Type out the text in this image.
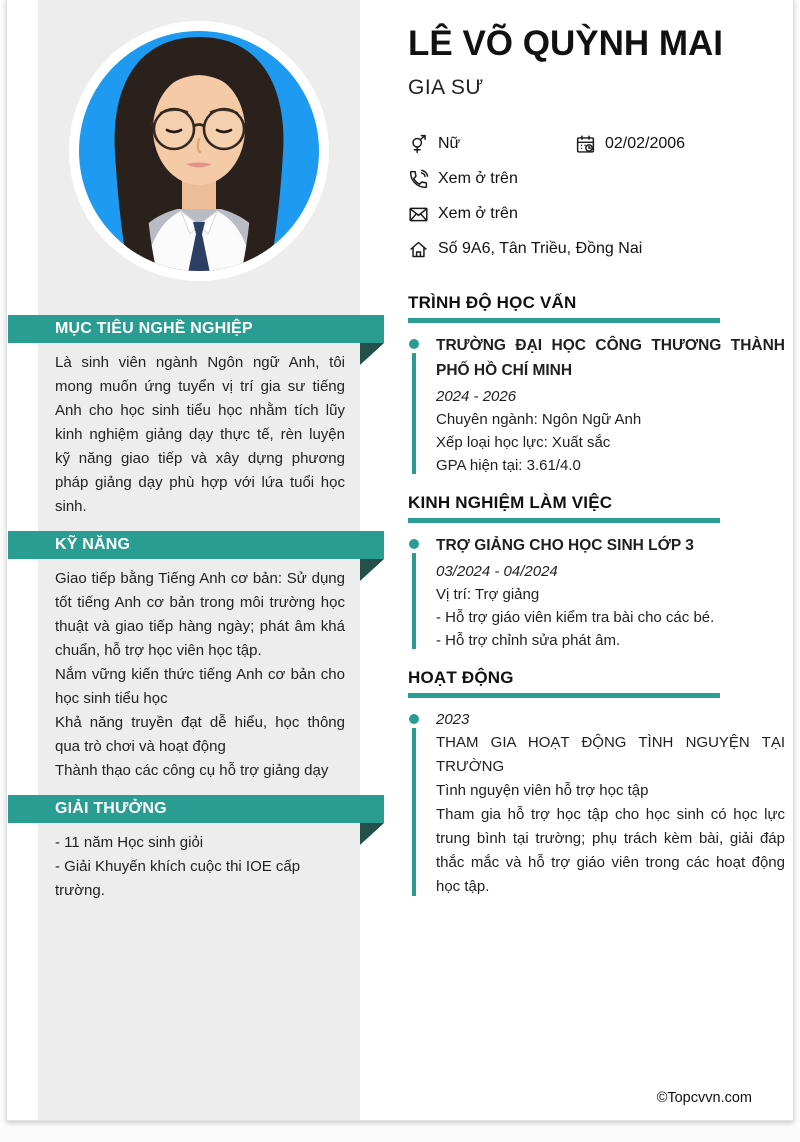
MỤC TIÊU NGHỀ NGHIỆP

Là sinh viên ngành Ngôn ngữ Anh, tôi mong muốn ứng tuyển vị trí gia sư tiếng Anh cho học sinh tiểu học nhằm tích lũy kinh nghiệm giảng dạy thực tế, rèn luyện kỹ năng giao tiếp và xây dựng phương pháp giảng dạy phù hợp với lứa tuổi học sinh.

KỸ NĂNG

Giao tiếp bằng Tiếng Anh cơ bản: Sử dụng tốt tiếng Anh cơ bản trong môi trường học thuật và giao tiếp hàng ngày; phát âm khá chuẩn, hỗ trợ học viên học tập.

Nắm vững kiến thức tiếng Anh cơ bản cho học sinh tiểu học

Khả năng truyền đạt dễ hiểu, học thông qua trò chơi và hoạt động

Thành thạo các công cụ hỗ trợ giảng dạy

GIẢI THƯỞNG

- 11 năm Học sinh giỏi

- Giải Khuyến khích cuộc thi IOE cấp trường.

LÊ VÕ QUỲNH MAI
GIA SƯ
Nữ	02/02/2006
Xem ở trên
Xem ở trên
Số 9A6, Tân Triều, Đồng Nai
TRÌNH ĐỘ HỌC VẤN
TRƯỜNG ĐẠI HỌC CÔNG THƯƠNG THÀNH PHỐ HỒ CHÍ MINH
2024 - 2026
Chuyên ngành: Ngôn Ngữ Anh
Xếp loại học lực: Xuất sắc
GPA hiện tại: 3.61/4.0
KINH NGHIỆM LÀM VIỆC
TRỢ GIẢNG CHO HỌC SINH LỚP 3
03/2024 - 04/2024
Vị trí: Trợ giảng
- Hỗ trợ giáo viên kiểm tra bài cho các bé.
- Hỗ trợ chỉnh sửa phát âm.
HOẠT ĐỘNG
2023
THAM GIA HOẠT ĐỘNG TÌNH NGUYỆN TẠI TRƯỜNG
Tình nguyện viên hỗ trợ học tập
Tham gia hỗ trợ học tập cho học sinh có học lực trung bình tại trường; phụ trách kèm bài, giải đáp thắc mắc và hỗ trợ giáo viên trong các hoạt động học tập.
©Topcvvn.com
